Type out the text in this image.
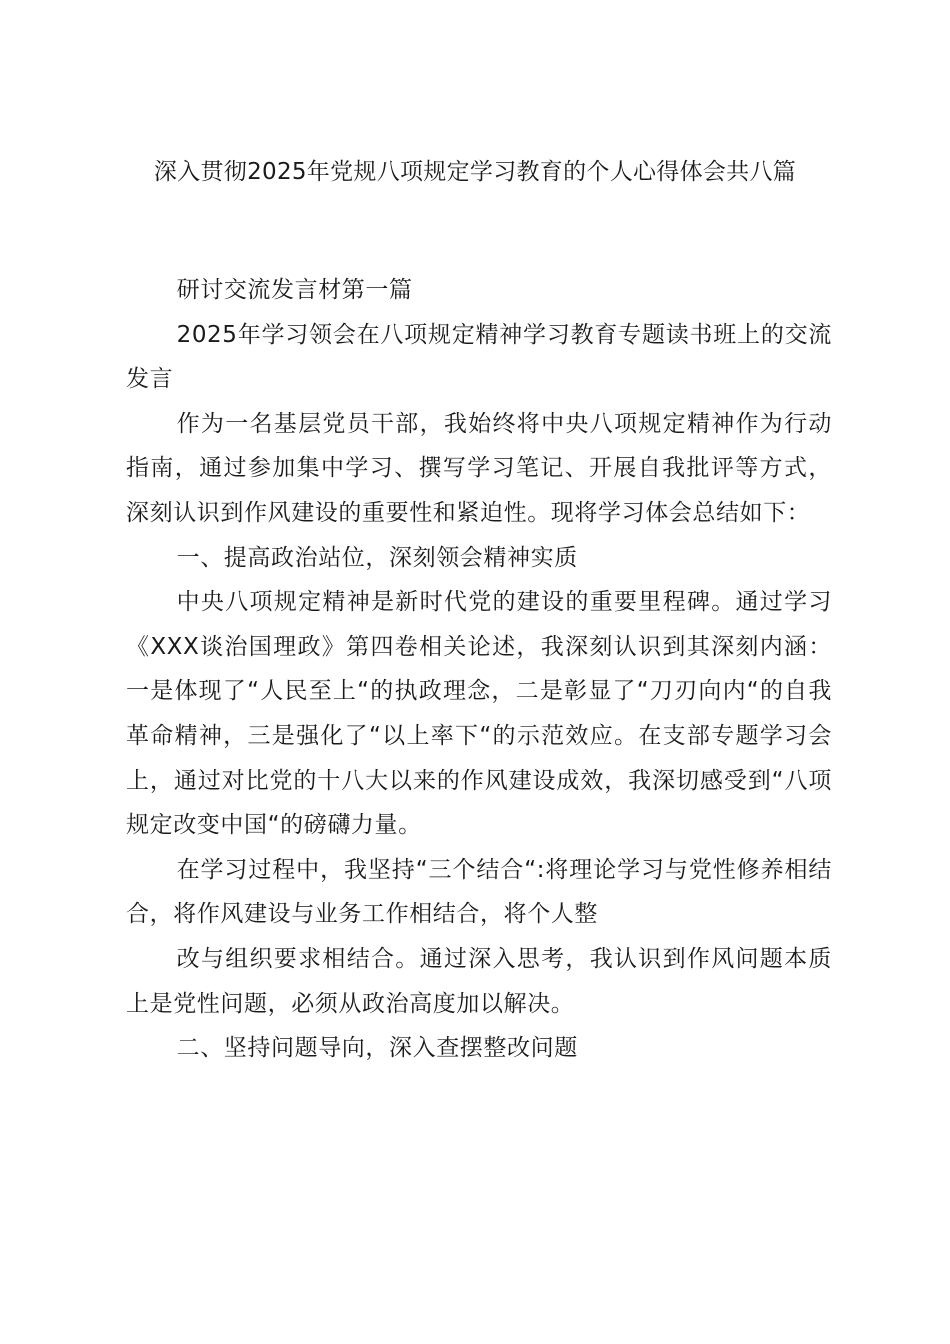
深入贯彻2025年党规八项规定学习教育的个人心得体会共八篇

研讨交流发言材第一篇

2025年学习领会在八项规定精神学习教育专题读书班上的交流发言

作为一名基层党员干部，我始终将中央八项规定精神作为行动指南，通过参加集中学习、撰写学习笔记、开展自我批评等方式，深刻认识到作风建设的重要性和紧迫性。现将学习体会总结如下：

一、提高政治站位，深刻领会精神实质

中央八项规定精神是新时代党的建设的重要里程碑。通过学习《XXX谈治国理政》第四卷相关论述，我深刻认识到其深刻内涵：一是体现了“人民至上“的执政理念，二是彰显了“刀刃向内“的自我革命精神，三是强化了“以上率下“的示范效应。在支部专题学习会上，通过对比党的十八大以来的作风建设成效，我深切感受到“八项规定改变中国“的磅礴力量。

在学习过程中，我坚持“三个结合“:将理论学习与党性修养相结合，将作风建设与业务工作相结合，将个人整

改与组织要求相结合。通过深入思考，我认识到作风问题本质上是党性问题，必须从政治高度加以解决。

二、坚持问题导向，深入查摆整改问题
